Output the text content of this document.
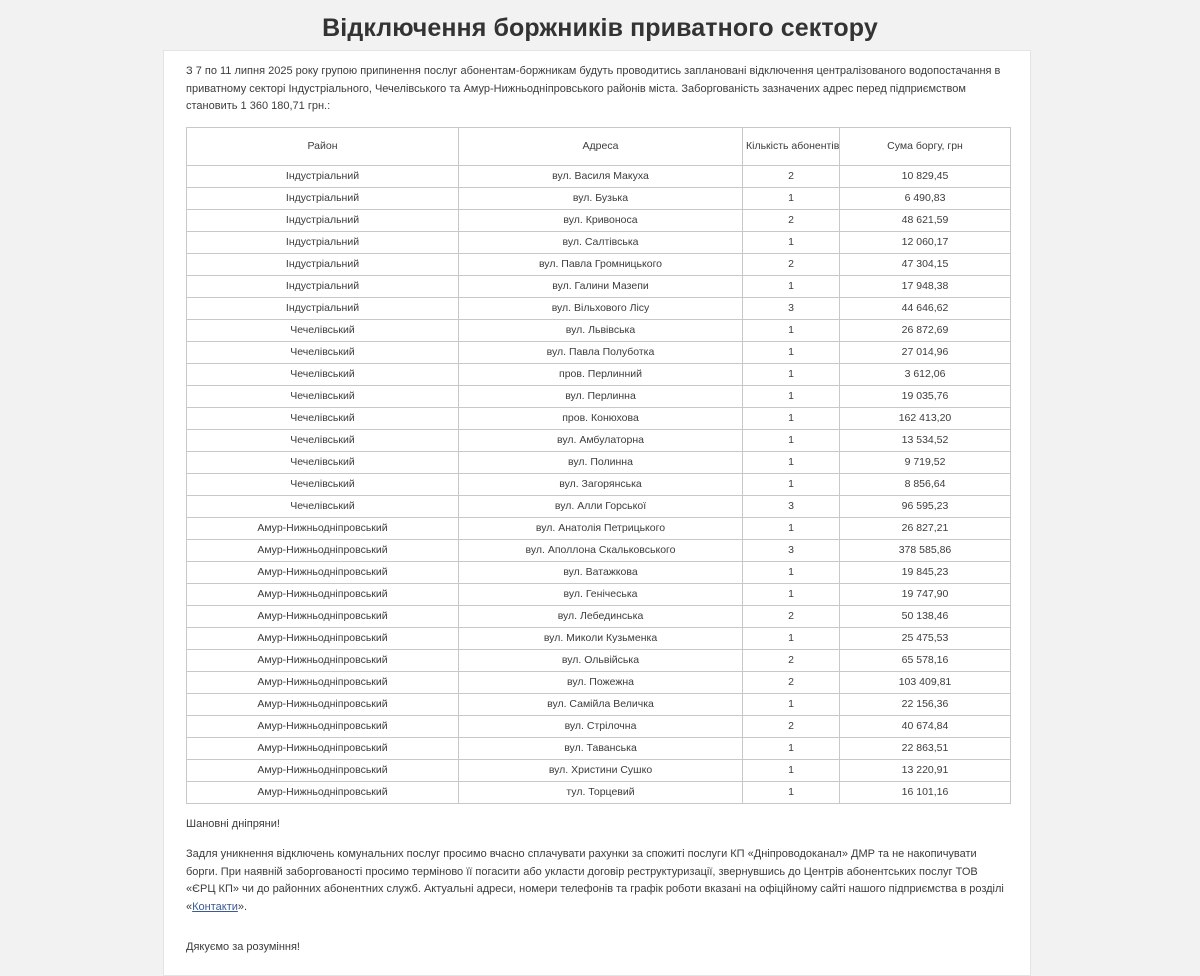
Відключення боржників приватного сектору

З 7 по 11 липня 2025 року групою припинення послуг абонентам-боржникам будуть проводитись заплановані відключення централізованого водопостачання в приватному секторі Індустріального, Чечелівського та Амур-Нижньодніпровського районів міста. Заборгованість зазначених адрес перед підприємством становить 1 360 180,71 грн.:

Район	Адреса	Кількість абонентів	Сума боргу, грн
Індустріальний	вул. Василя Макуха	2	10 829,45
Індустріальний	вул. Бузька	1	6 490,83
Індустріальний	вул. Кривоноса	2	48 621,59
Індустріальний	вул. Салтівська	1	12 060,17
Індустріальний	вул. Павла Громницького	2	47 304,15
Індустріальний	вул. Галини Мазепи	1	17 948,38
Індустріальний	вул. Вільхового Лісу	3	44 646,62
Чечелівський	вул. Львівська	1	26 872,69
Чечелівський	вул. Павла Полуботка	1	27 014,96
Чечелівський	пров. Перлинний	1	3 612,06
Чечелівський	вул. Перлинна	1	19 035,76
Чечелівський	пров. Конюхова	1	162 413,20
Чечелівський	вул. Амбулаторна	1	13 534,52
Чечелівський	вул. Полинна	1	9 719,52
Чечелівський	вул. Загорянська	1	8 856,64
Чечелівський	вул. Алли Горської	3	96 595,23
Амур-Нижньодніпровський	вул. Анатолія Петрицького	1	26 827,21
Амур-Нижньодніпровський	вул. Аполлона Скальковського	3	378 585,86
Амур-Нижньодніпровський	вул. Ватажкова	1	19 845,23
Амур-Нижньодніпровський	вул. Генічеська	1	19 747,90
Амур-Нижньодніпровський	вул. Лебединська	2	50 138,46
Амур-Нижньодніпровський	вул. Миколи Кузьменка	1	25 475,53
Амур-Нижньодніпровський	вул. Ольвійська	2	65 578,16
Амур-Нижньодніпровський	вул. Пожежна	2	103 409,81
Амур-Нижньодніпровський	вул. Самійла Величка	1	22 156,36
Амур-Нижньодніпровський	вул. Стрілочна	2	40 674,84
Амур-Нижньодніпровський	вул. Таванська	1	22 863,51
Амур-Нижньодніпровський	вул. Христини Сушко	1	13 220,91
Амур-Нижньодніпровський	тул. Торцевий	1	16 101,16

Шановні дніпряни!

Задля уникнення відключень комунальних послуг просимо вчасно сплачувати рахунки за спожиті послуги КП «Дніпроводоканал» ДМР та не накопичувати борги. При наявній заборгованості просимо терміново її погасити або укласти договір реструктуризації, звернувшись до Центрів абонентських послуг ТОВ «ЄРЦ КП» чи до районних абонентних служб. Актуальні адреси, номери телефонів та графік роботи вказані на офіційному сайті нашого підприємства в розділі «Контакти».

Дякуємо за розуміння!
